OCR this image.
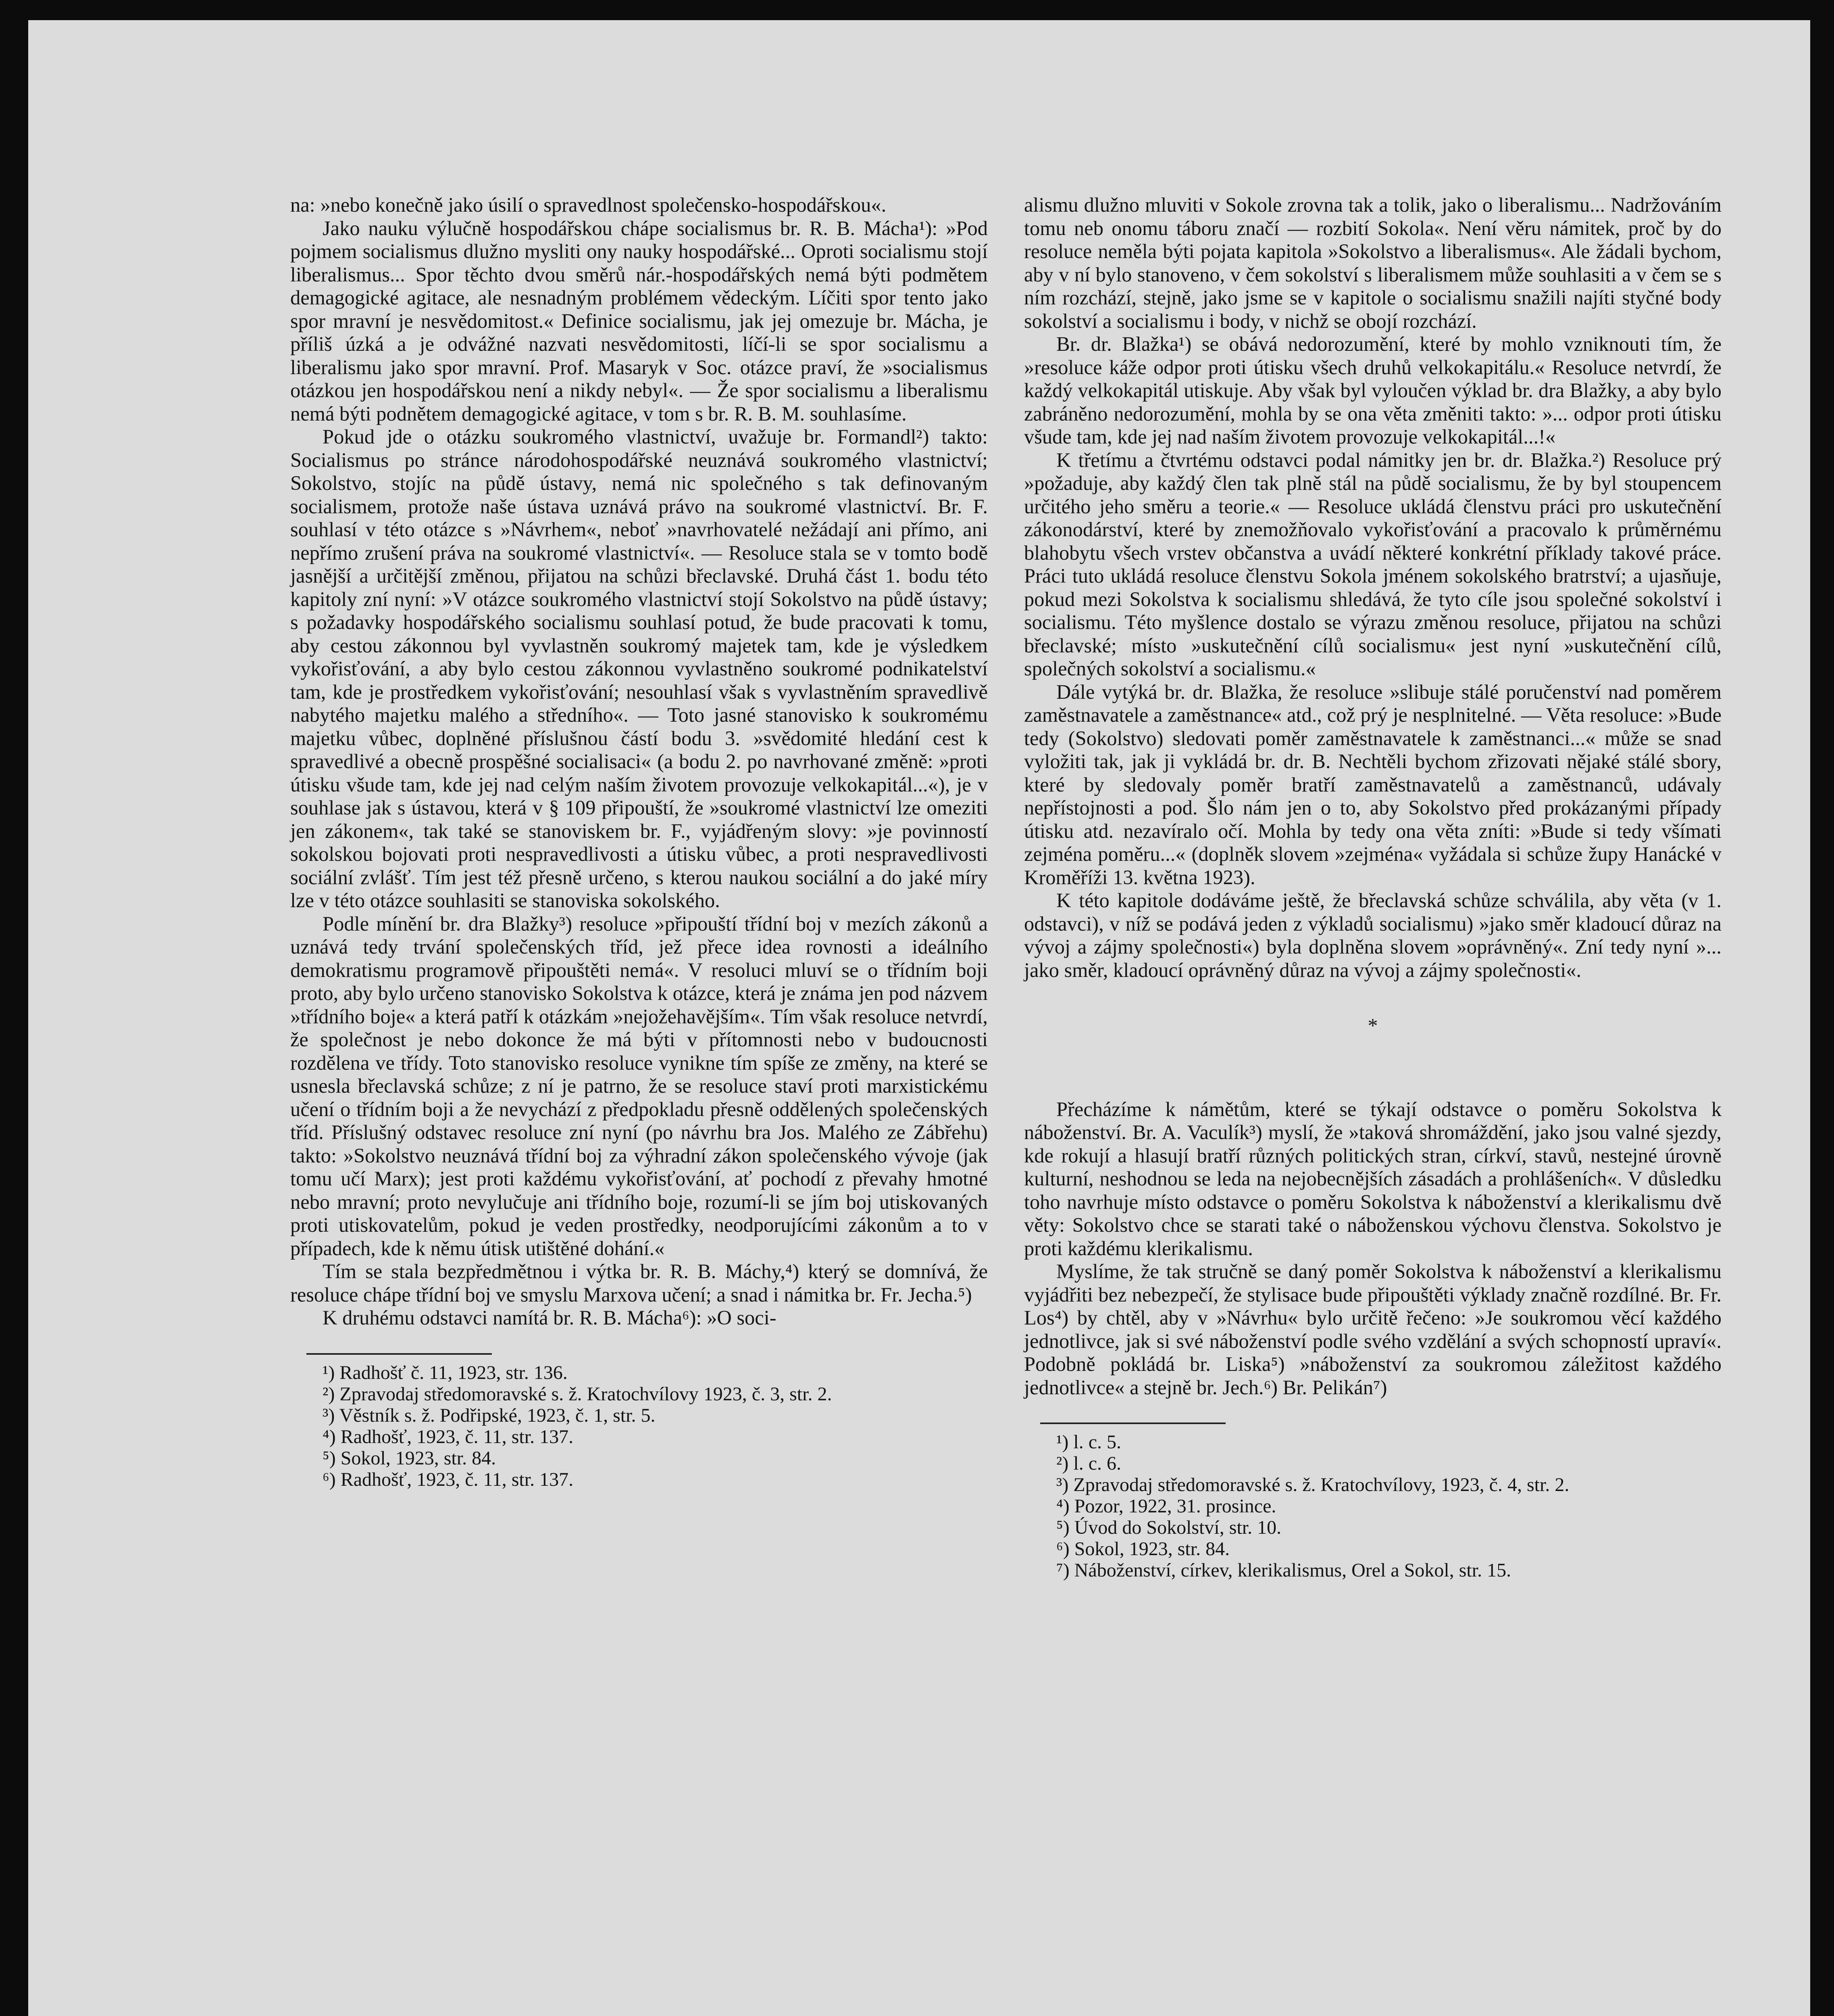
na: »nebo konečně jako úsilí o spravedlnost společensko-hospodářskou«.

Jako nauku výlučně hospodářskou chápe socialismus br. R. B. Mácha¹): »Pod pojmem socialismus dlužno mysliti ony nauky hospodářské... Oproti socialismu stojí liberalismus... Spor těchto dvou směrů nár.-hospodářských nemá býti podmětem demagogické agitace, ale nesnadným problémem vědeckým. Líčiti spor tento jako spor mravní je nesvědomitost.« Definice socialismu, jak jej omezuje br. Mácha, je příliš úzká a je odvážné nazvati nesvědomitosti, líčí-li se spor socialismu a liberalismu jako spor mravní. Prof. Masaryk v Soc. otázce praví, že »socialismus otázkou jen hospodářskou není a nikdy nebyl«. — Že spor socialismu a liberalismu nemá býti podnětem demagogické agitace, v tom s br. R. B. M. souhlasíme.

Pokud jde o otázku soukromého vlastnictví, uvažuje br. Formandl²) takto: Socialismus po stránce národohospodářské neuznává soukromého vlastnictví; Sokolstvo, stojíc na půdě ústavy, nemá nic společného s tak definovaným socialismem, protože naše ústava uznává právo na soukromé vlastnictví. Br. F. souhlasí v této otázce s »Návrhem«, neboť »navrhovatelé nežádají ani přímo, ani nepřímo zrušení práva na soukromé vlastnictví«. — Resoluce stala se v tomto bodě jasnější a určitější změnou, přijatou na schůzi břeclavské. Druhá část 1. bodu této kapitoly zní nyní: »V otázce soukromého vlastnictví stojí Sokolstvo na půdě ústavy; s požadavky hospodářského socialismu souhlasí potud, že bude pracovati k tomu, aby cestou zákonnou byl vyvlastněn soukromý majetek tam, kde je výsledkem vykořisťování, a aby bylo cestou zákonnou vyvlastněno soukromé podnikatelství tam, kde je prostředkem vykořisťování; nesouhlasí však s vyvlastněním spravedlivě nabytého majetku malého a středního«. — Toto jasné stanovisko k soukromému majetku vůbec, doplněné příslušnou částí bodu 3. »svědomité hledání cest k spravedlivé a obecně prospěšné socialisaci« (a bodu 2. po navrhované změně: »proti útisku všude tam, kde jej nad celým naším životem provozuje velkokapitál...«), je v souhlase jak s ústavou, která v § 109 připouští, že »soukromé vlastnictví lze omeziti jen zákonem«, tak také se stanoviskem br. F., vyjádřeným slovy: »je povinností sokolskou bojovati proti nespravedlivosti a útisku vůbec, a proti nespravedlivosti sociální zvlášť. Tím jest též přesně určeno, s kterou naukou sociální a do jaké míry lze v této otázce souhlasiti se stanoviska sokolského.

Podle mínění br. dra Blažky³) resoluce »připouští třídní boj v mezích zákonů a uznává tedy trvání společenských tříd, jež přece idea rovnosti a ideálního demokratismu programově připouštěti nemá«. V resoluci mluví se o třídním boji proto, aby bylo určeno stanovisko Sokolstva k otázce, která je známa jen pod názvem »třídního boje« a která patří k otázkám »nejožehavějším«. Tím však resoluce netvrdí, že společnost je nebo dokonce že má býti v přítomnosti nebo v budoucnosti rozdělena ve třídy. Toto stanovisko resoluce vynikne tím spíše ze změny, na které se usnesla břeclavská schůze; z ní je patrno, že se resoluce staví proti marxistickému učení o třídním boji a že nevychází z předpokladu přesně oddělených společenských tříd. Příslušný odstavec resoluce zní nyní (po návrhu bra Jos. Malého ze Zábřehu) takto: »Sokolstvo neuznává třídní boj za výhradní zákon společenského vývoje (jak tomu učí Marx); jest proti každému vykořisťování, ať pochodí z převahy hmotné nebo mravní; proto nevylučuje ani třídního boje, rozumí-li se jím boj utiskovaných proti utiskovatelům, pokud je veden prostředky, neodporujícími zákonům a to v případech, kde k němu útisk utištěné dohání.«

Tím se stala bezpředmětnou i výtka br. R. B. Máchy,⁴) který se domnívá, že resoluce chápe třídní boj ve smyslu Marxova učení; a snad i námitka br. Fr. Jecha.⁵)

K druhému odstavci namítá br. R. B. Mácha⁶): »O soci-

¹) Radhošť č. 11, 1923, str. 136.

²) Zpravodaj středomoravské s. ž. Kratochvílovy 1923, č. 3, str. 2.

³) Věstník s. ž. Podřipské, 1923, č. 1, str. 5.

⁴) Radhošť, 1923, č. 11, str. 137.

⁵) Sokol, 1923, str. 84.

⁶) Radhošť, 1923, č. 11, str. 137.

alismu dlužno mluviti v Sokole zrovna tak a tolik, jako o liberalismu... Nadržováním tomu neb onomu táboru značí — rozbití Sokola«. Není věru námitek, proč by do resoluce neměla býti pojata kapitola »Sokolstvo a liberalismus«. Ale žádali bychom, aby v ní bylo stanoveno, v čem sokolství s liberalismem může souhlasiti a v čem se s ním rozchází, stejně, jako jsme se v kapitole o socialismu snažili najíti styčné body sokolství a socialismu i body, v nichž se obojí rozchází.

Br. dr. Blažka¹) se obává nedorozumění, které by mohlo vzniknouti tím, že »resoluce káže odpor proti útisku všech druhů velkokapitálu.« Resoluce netvrdí, že každý velkokapitál utiskuje. Aby však byl vyloučen výklad br. dra Blažky, a aby bylo zabráněno nedorozumění, mohla by se ona věta změniti takto: »... odpor proti útisku všude tam, kde jej nad naším životem provozuje velkokapitál...!«

K třetímu a čtvrtému odstavci podal námitky jen br. dr. Blažka.²) Resoluce prý »požaduje, aby každý člen tak plně stál na půdě socialismu, že by byl stoupencem určitého jeho směru a teorie.« — Resoluce ukládá členstvu práci pro uskutečnění zákonodárství, které by znemožňovalo vykořisťování a pracovalo k průměrnému blahobytu všech vrstev občanstva a uvádí některé konkrétní příklady takové práce. Práci tuto ukládá resoluce členstvu Sokola jménem sokolského bratrství; a ujasňuje, pokud mezi Sokolstva k socialismu shledává, že tyto cíle jsou společné sokolství i socialismu. Této myšlence dostalo se výrazu změnou resoluce, přijatou na schůzi břeclavské; místo »uskutečnění cílů socialismu« jest nyní »uskutečnění cílů, společných sokolství a socialismu.«

Dále vytýká br. dr. Blažka, že resoluce »slibuje stálé poručenství nad poměrem zaměstnavatele a zaměstnance« atd., což prý je nesplnitelné. — Věta resoluce: »Bude tedy (Sokolstvo) sledovati poměr zaměstnavatele k zaměstnanci...« může se snad vyložiti tak, jak ji vykládá br. dr. B. Nechtěli bychom zřizovati nějaké stálé sbory, které by sledovaly poměr bratří zaměstnavatelů a zaměstnanců, udávaly nepřístojnosti a pod. Šlo nám jen o to, aby Sokolstvo před prokázanými případy útisku atd. nezavíralo očí. Mohla by tedy ona věta zníti: »Bude si tedy všímati zejména poměru...« (doplněk slovem »zejména« vyžádala si schůze župy Hanácké v Kroměříži 13. května 1923).

K této kapitole dodáváme ještě, že břeclavská schůze schválila, aby věta (v 1. odstavci), v níž se podává jeden z výkladů socialismu) »jako směr kladoucí důraz na vývoj a zájmy společnosti«) byla doplněna slovem »oprávněný«. Zní tedy nyní »... jako směr, kladoucí oprávněný důraz na vývoj a zájmy společnosti«.

*

Přecházíme k námětům, které se týkají odstavce o poměru Sokolstva k náboženství. Br. A. Vaculík³) myslí, že »taková shromáždění, jako jsou valné sjezdy, kde rokují a hlasují bratří různých politických stran, církví, stavů, nestejné úrovně kulturní, neshodnou se leda na nejobecnějších zásadách a prohlášeních«. V důsledku toho navrhuje místo odstavce o poměru Sokolstva k náboženství a klerikalismu dvě věty: Sokolstvo chce se starati také o náboženskou výchovu členstva. Sokolstvo je proti každému klerikalismu.

Myslíme, že tak stručně se daný poměr Sokolstva k náboženství a klerikalismu vyjádřiti bez nebezpečí, že stylisace bude připouštěti výklady značně rozdílné. Br. Fr. Los⁴) by chtěl, aby v »Návrhu« bylo určitě řečeno: »Je soukromou věcí každého jednotlivce, jak si své náboženství podle svého vzdělání a svých schopností upraví«. Podobně pokládá br. Liska⁵) »náboženství za soukromou záležitost každého jednotlivce« a stejně br. Jech.⁶) Br. Pelikán⁷)

¹) l. c. 5.

²) l. c. 6.

³) Zpravodaj středomoravské s. ž. Kratochvílovy, 1923, č. 4, str. 2.

⁴) Pozor, 1922, 31. prosince.

⁵) Úvod do Sokolství, str. 10.

⁶) Sokol, 1923, str. 84.

⁷) Náboženství, církev, klerikalismus, Orel a Sokol, str. 15.
